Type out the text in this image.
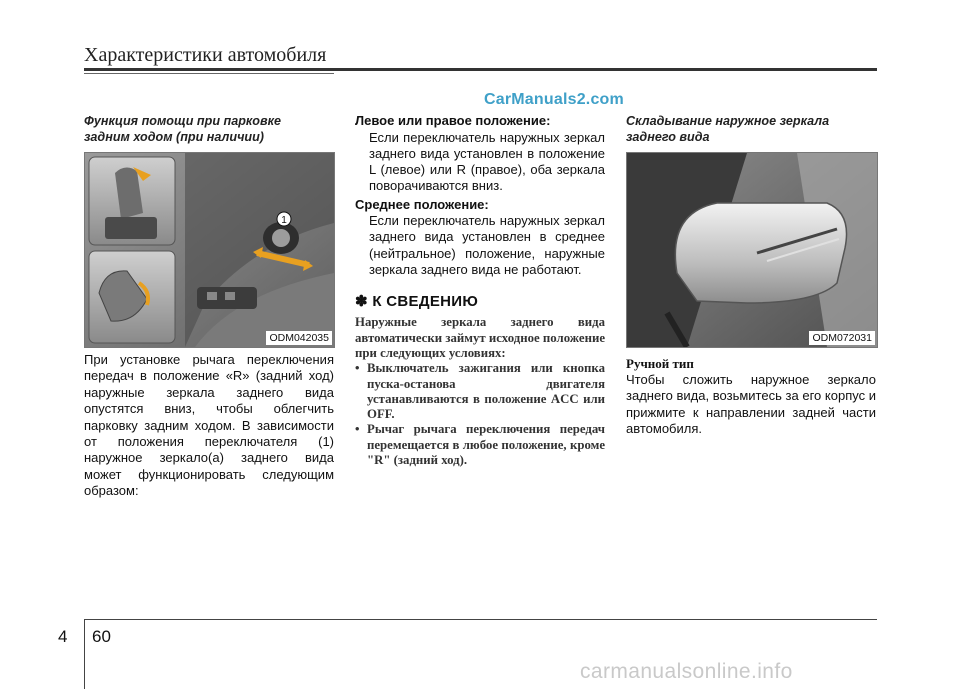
Характеристики автомобиля
CarManuals2.com
Функция помощи при парковке
задним ходом (при наличии)
1
ODM042035
При установке рычага переключения передач в положение «R» (задний ход) наружные зеркала заднего вида опустятся вниз, чтобы облегчить парковку задним ходом. В зависимости от положения переключателя (1) наружное зеркало(а) заднего вида может функционировать следующим образом:
Левое или правое положение:
Если переключатель наружных зеркал заднего вида установлен в положение L (левое) или R (правое), оба зеркала поворачиваются вниз.
Среднее положение:
Если переключатель наружных зеркал заднего вида установлен в среднее (нейтральное) положение, наружные зеркала заднего вида не работают.
✽ К СВЕДЕНИЮ
Наружные зеркала заднего вида автоматически займут исходное положение при следующих условиях:
• Выключатель зажигания или кнопка пуска-останова двигателя устанавливаются в положение ACC или OFF.
• Рычаг рычага переключения передач перемещается в любое положение, кроме "R" (задний ход).
Складывание наружное зеркала
заднего вида
ODM072031
Ручной тип
Чтобы сложить наружное зеркало заднего вида, возьмитесь за его корпус и прижмите к направлении задней части автомобиля.
4 60
carmanualsonline.info
